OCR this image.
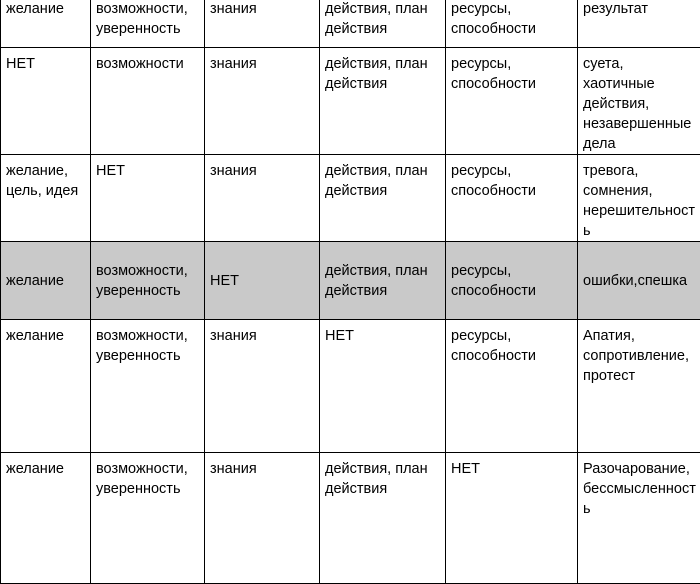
желание	возможности, уверенность	знания	действия, план действия	ресурсы, способности	результат

НЕТ	возможности	знания	действия, план действия	ресурсы, способности	суета, хаотичные действия, незавершенные дела

желание, цель, идея	НЕТ	знания	действия, план действия	ресурсы, способности	тревога, сомнения, нерешительность

желание	возможности, уверенность	НЕТ	действия, план действия	ресурсы, способности	ошибки,спешка

желание	возможности, уверенность	знания	НЕТ	ресурсы, способности	Апатия, сопротивление, протест

желание	возможности, уверенность	знания	действия, план действия	НЕТ	Разочарование, бессмысленность
